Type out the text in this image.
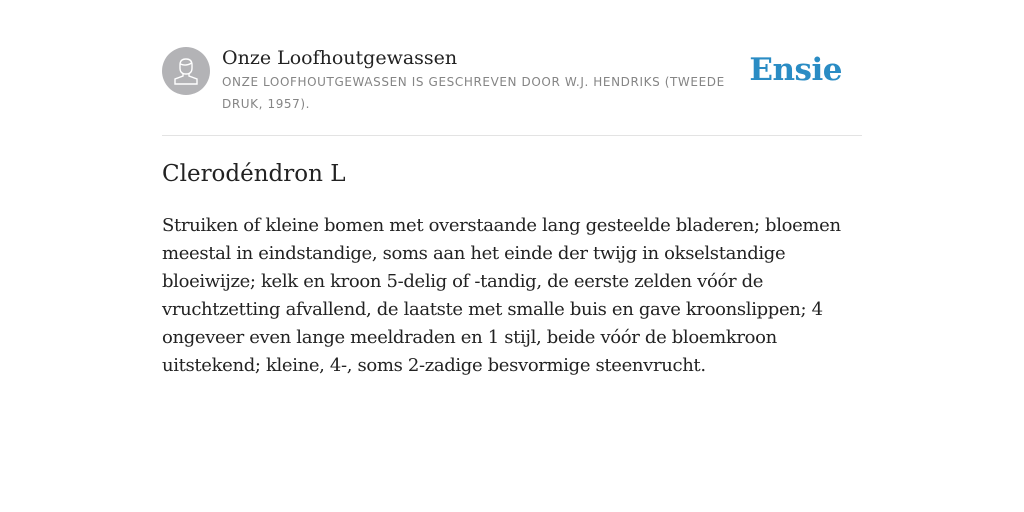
Onze Loofhoutgewassen
ONZE LOOFHOUTGEWASSEN IS GESCHREVEN DOOR W.J. HENDRIKS (TWEEDE DRUK, 1957).
Ensie
Clerodéndron L

Struiken of kleine bomen met overstaande lang gesteelde bladeren; bloemen meestal in eindstandige, soms aan het einde der twijg in okselstandige bloeiwijze; kelk en kroon 5-delig of -tandig, de eerste zelden vóór de vruchtzetting afvallend, de laatste met smalle buis en gave kroonslippen; 4 ongeveer even lange meeldraden en 1 stijl, beide vóór de bloemkroon uitstekend; kleine, 4-, soms 2-zadige besvormige steenvrucht.
